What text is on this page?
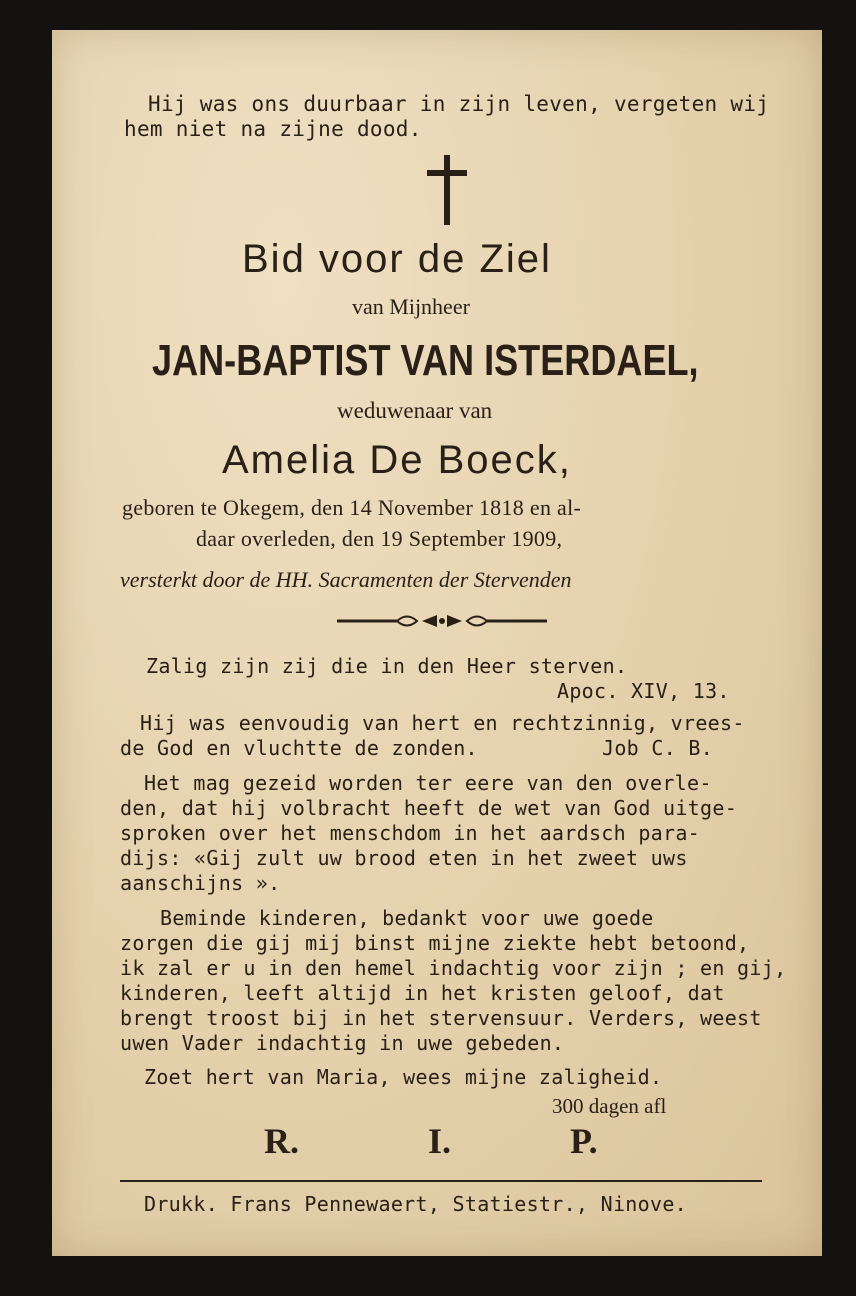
Hij was ons duurbaar in zijn leven, vergeten wij
hem niet na zijne dood.
Bid voor de Ziel
van Mijnheer
JAN-BAPTIST VAN ISTERDAEL,
weduwenaar van
Amelia De Boeck,
geboren te Okegem, den 14 November 1818 en al-
daar overleden, den 19 September 1909,
versterkt door de HH. Sacramenten der Stervenden
Zalig zijn zij die in den Heer sterven.
Apoc. XIV, 13.
Hij was eenvoudig van hert en rechtzinnig, vrees-
de God en vluchtte de zonden.	Job C. B.
Het mag gezeid worden ter eere van den overle-
den, dat hij volbracht heeft de wet van God uitge-
sproken over het menschdom in het aardsch para-
dijs: «Gij zult uw brood eten in het zweet uws
aanschijns ».
Beminde kinderen, bedankt voor uwe goede
zorgen die gij mij binst mijne ziekte hebt betoond,
ik zal er u in den hemel indachtig voor zijn ; en gij,
kinderen, leeft altijd in het kristen geloof, dat
brengt troost bij in het stervensuur. Verders, weest
uwen Vader indachtig in uwe gebeden.
Zoet hert van Maria, wees mijne zaligheid.
300 dagen afl
R.	I.	P.
Drukk. Frans Pennewaert, Statiestr., Ninove.
